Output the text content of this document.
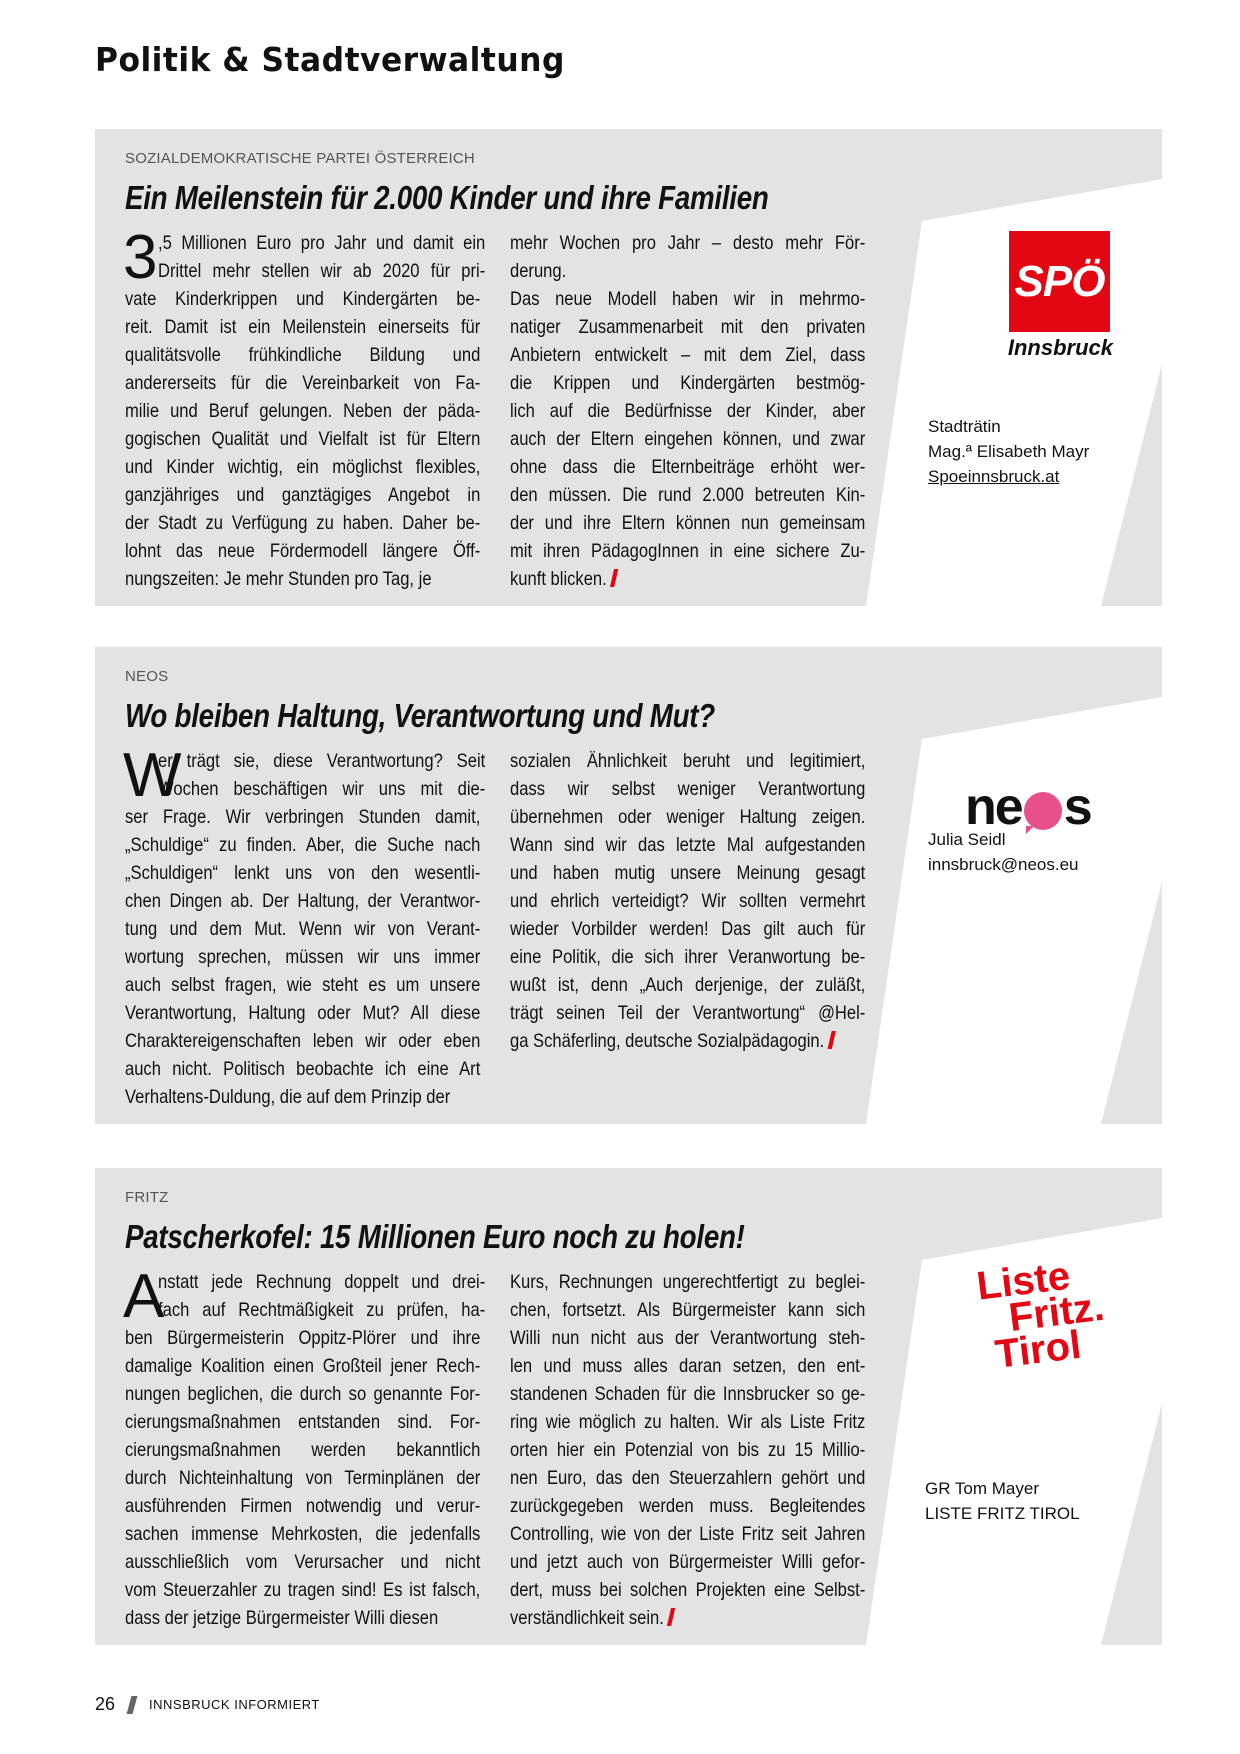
Politik & Stadtverwaltung
SOZIALDEMOKRATISCHE PARTEI ÖSTERREICH
Ein Meilenstein für 2.000 Kinder und ihre Familien
3 ,5 Millionen Euro pro Jahr und damit ein
Drittel mehr stellen wir ab 2020 für pri-
vate Kinderkrippen und Kindergärten be-
reit. Damit ist ein Meilenstein einerseits für
qualitätsvolle frühkindliche Bildung und
andererseits für die Vereinbarkeit von Fa-
milie und Beruf gelungen. Neben der päda-
gogischen Qualität und Vielfalt ist für Eltern
und Kinder wichtig, ein möglichst flexibles,
ganzjähriges und ganztägiges Angebot in
der Stadt zu Verfügung zu haben. Daher be-
lohnt das neue Fördermodell längere Öff-
nungszeiten: Je mehr Stunden pro Tag, je
mehr Wochen pro Jahr – desto mehr För-
derung.
Das neue Modell haben wir in mehrmo-
natiger Zusammenarbeit mit den privaten
Anbietern entwickelt – mit dem Ziel, dass
die Krippen und Kindergärten bestmög-
lich auf die Bedürfnisse der Kinder, aber
auch der Eltern eingehen können, und zwar
ohne dass die Elternbeiträge erhöht wer-
den müssen. Die rund 2.000 betreuten Kin-
der und ihre Eltern können nun gemeinsam
mit ihren PädagogInnen in eine sichere Zu-
kunft blicken.
SPÖ
Innsbruck
Stadträtin
Mag.ª Elisabeth Mayr
Spoeinnsbruck.at
NEOS
Wo bleiben Haltung, Verantwortung und Mut?
W
er trägt sie, diese Verantwortung? Seit
Wochen beschäftigen wir uns mit die-
ser Frage. Wir verbringen Stunden damit,
„Schuldige“ zu finden. Aber, die Suche nach
„Schuldigen“ lenkt uns von den wesentli-
chen Dingen ab. Der Haltung, der Verantwor-
tung und dem Mut. Wenn wir von Verant-
wortung sprechen, müssen wir uns immer
auch selbst fragen, wie steht es um unsere
Verantwortung, Haltung oder Mut? All diese
Charaktereigenschaften leben wir oder eben
auch nicht. Politisch beobachte ich eine Art
Verhaltens-Duldung, die auf dem Prinzip der
sozialen Ähnlichkeit beruht und legitimiert,
dass wir selbst weniger Verantwortung
übernehmen oder weniger Haltung zeigen.
Wann sind wir das letzte Mal aufgestanden
und haben mutig unsere Meinung gesagt
und ehrlich verteidigt? Wir sollten vermehrt
wieder Vorbilder werden! Das gilt auch für
eine Politik, die sich ihrer Veranwortung be-
wußt ist, denn „Auch derjenige, der zuläßt,
trägt seinen Teil der Verantwortung“ @Hel-
ga Schäferling, deutsche Sozialpädagogin.
ne s
Julia Seidl
innsbruck@neos.eu
FRITZ
Patscherkofel: 15 Millionen Euro noch zu holen!
A
nstatt jede Rechnung doppelt und drei-
fach auf Rechtmäßigkeit zu prüfen, ha-
ben Bürgermeisterin Oppitz-Plörer und ihre
damalige Koalition einen Großteil jener Rech-
nungen beglichen, die durch so genannte For-
cierungsmaßnahmen entstanden sind. For-
cierungsmaßnahmen werden bekanntlich
durch Nichteinhaltung von Terminplänen der
ausführenden Firmen notwendig und verur-
sachen immense Mehrkosten, die jedenfalls
ausschließlich vom Verursacher und nicht
vom Steuerzahler zu tragen sind! Es ist falsch,
dass der jetzige Bürgermeister Willi diesen
Kurs, Rechnungen ungerechtfertigt zu beglei-
chen, fortsetzt. Als Bürgermeister kann sich
Willi nun nicht aus der Verantwortung steh-
len und muss alles daran setzen, den ent-
standenen Schaden für die Innsbrucker so ge-
ring wie möglich zu halten. Wir als Liste Fritz
orten hier ein Potenzial von bis zu 15 Millio-
nen Euro, das den Steuerzahlern gehört und
zurückgegeben werden muss. Begleitendes
Controlling, wie von der Liste Fritz seit Jahren
und jetzt auch von Bürgermeister Willi gefor-
dert, muss bei solchen Projekten eine Selbst-
verständlichkeit sein.
Liste
Fritz.
Tirol
GR Tom Mayer
LISTE FRITZ TIROL
26	INNSBRUCK INFORMIERT
